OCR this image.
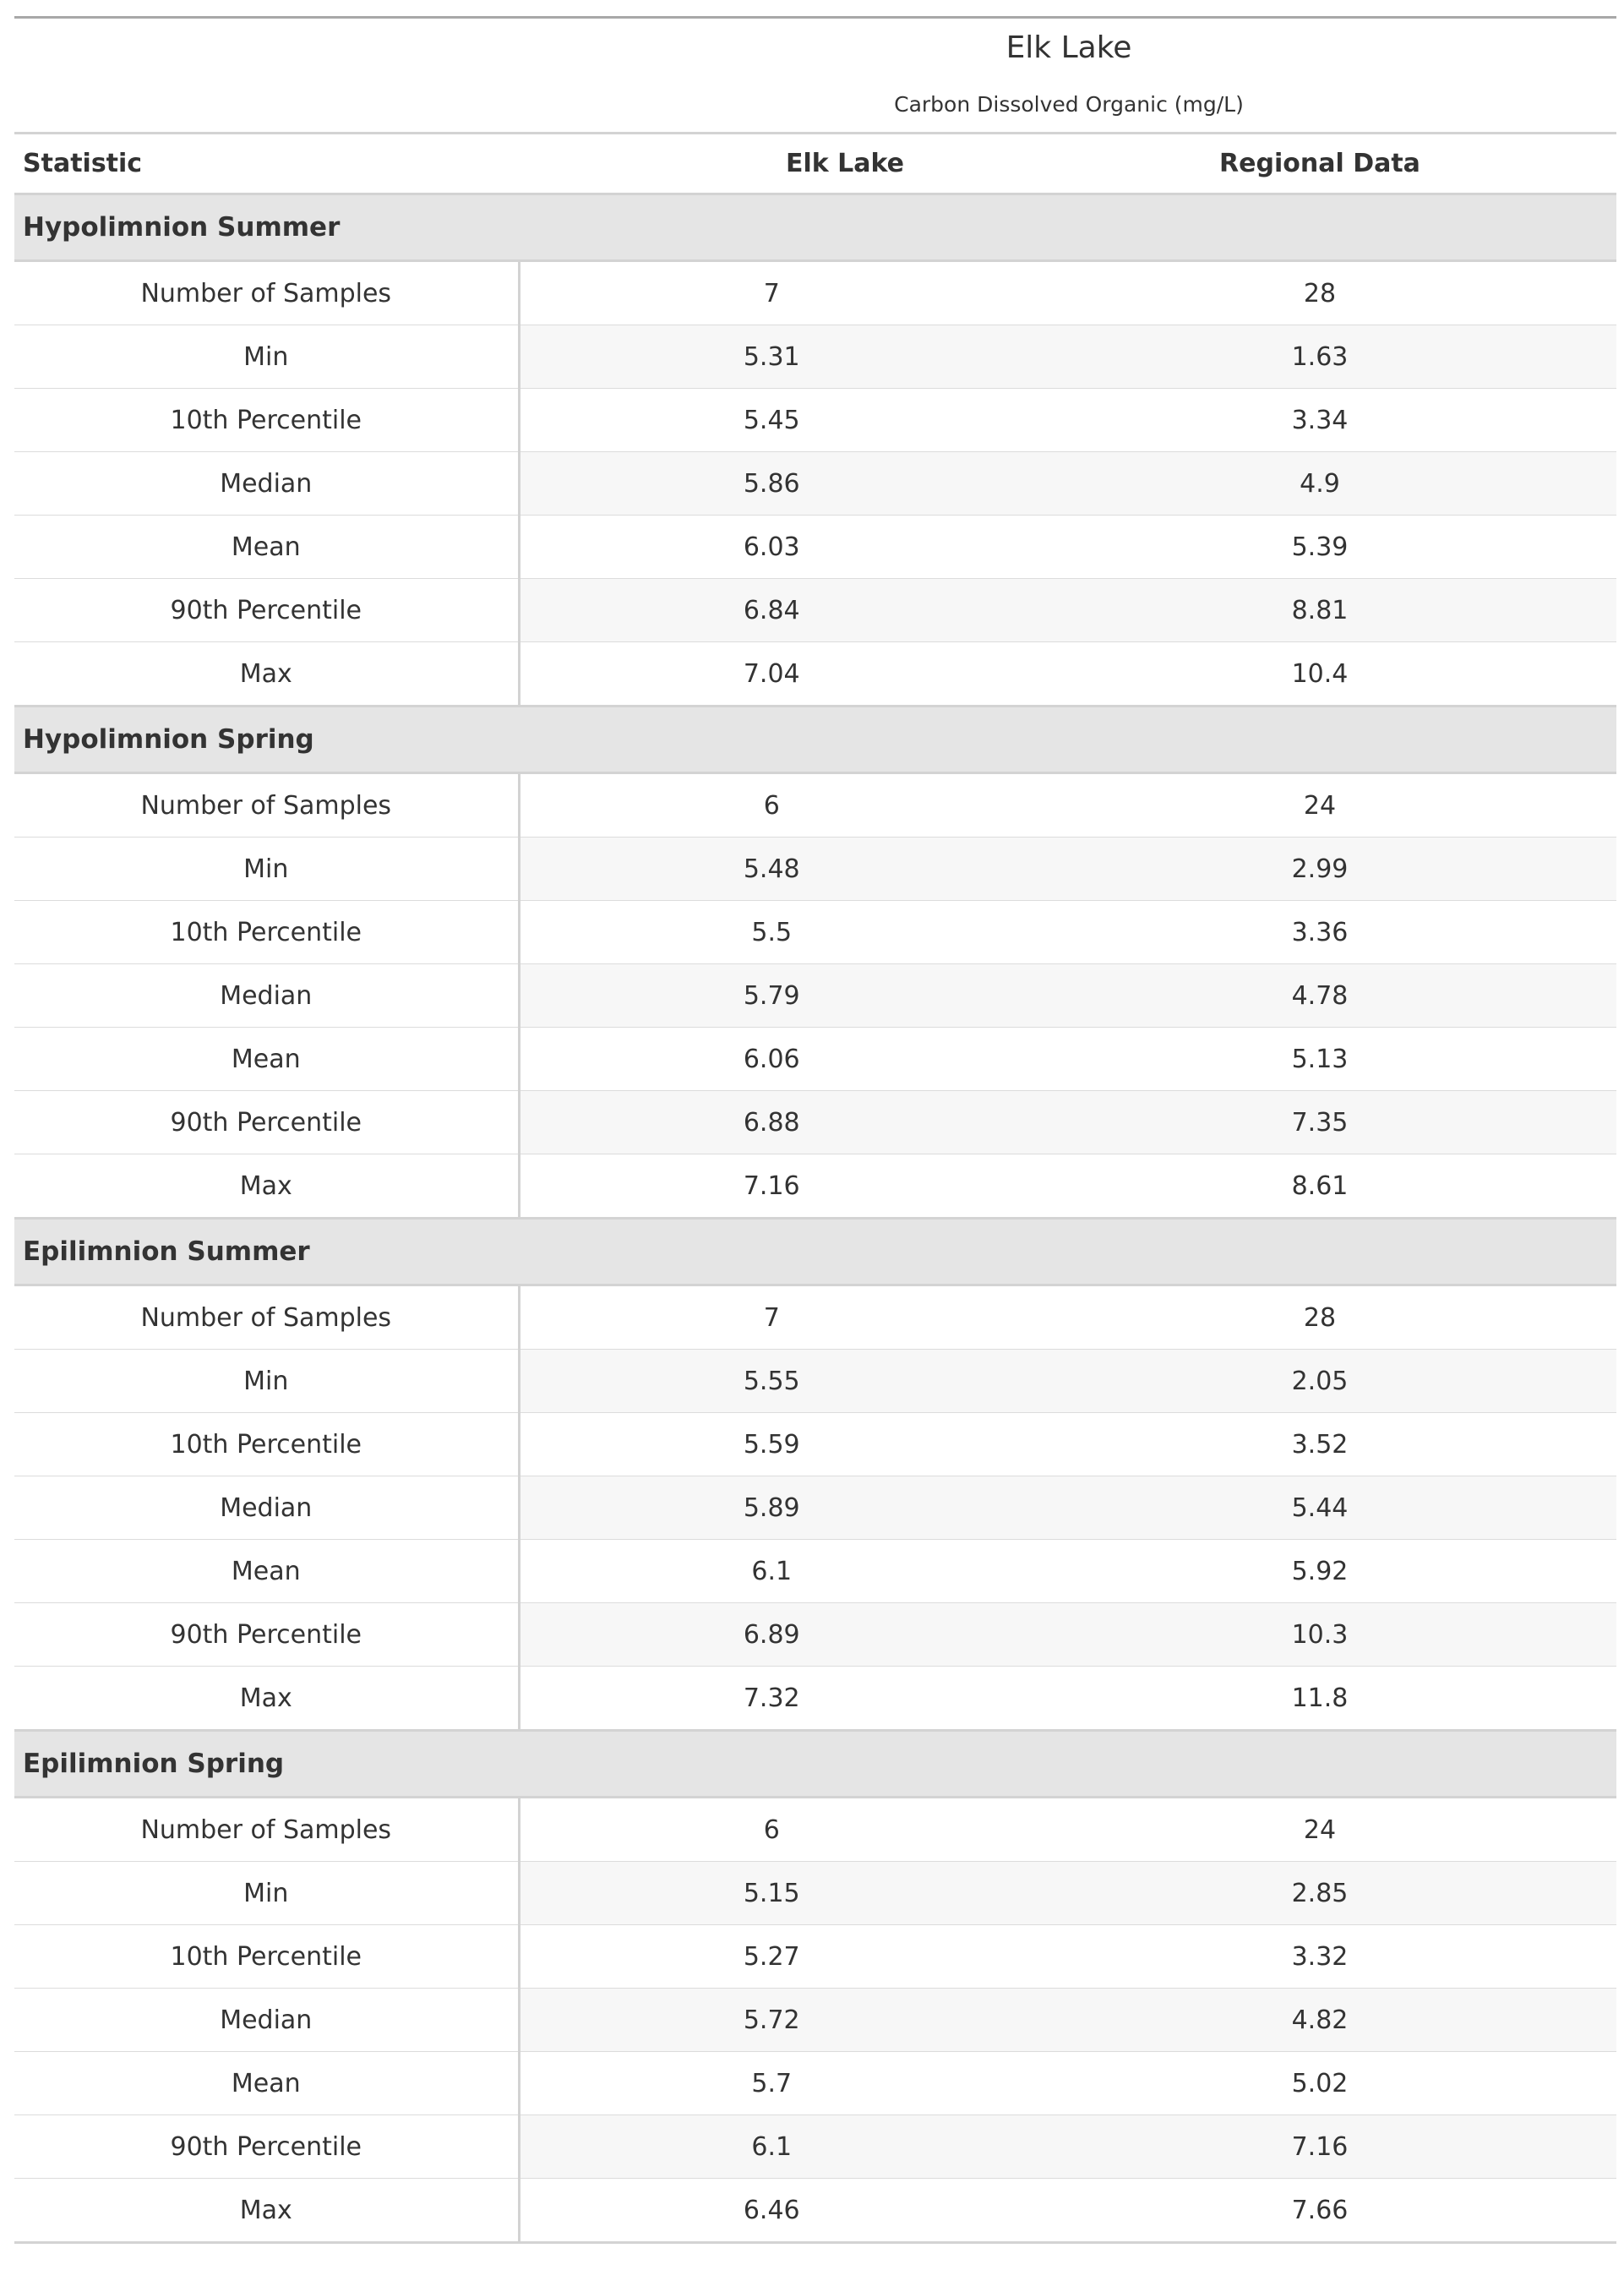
Elk Lake		
Carbon Dissolved Organic (mg/L)		
Statistic	Elk Lake	Regional Data
Hypolimnion Summer		
Number of Samples	7	28
Min	5.31	1.63
10th Percentile	5.45	3.34
Median	5.86	4.9
Mean	6.03	5.39
90th Percentile	6.84	8.81
Max	7.04	10.4
Hypolimnion Spring		
Number of Samples	6	24
Min	5.48	2.99
10th Percentile	5.5	3.36
Median	5.79	4.78
Mean	6.06	5.13
90th Percentile	6.88	7.35
Max	7.16	8.61
Epilimnion Summer		
Number of Samples	7	28
Min	5.55	2.05
10th Percentile	5.59	3.52
Median	5.89	5.44
Mean	6.1	5.92
90th Percentile	6.89	10.3
Max	7.32	11.8
Epilimnion Spring		
Number of Samples	6	24
Min	5.15	2.85
10th Percentile	5.27	3.32
Median	5.72	4.82
Mean	5.7	5.02
90th Percentile	6.1	7.16
Max	6.46	7.66
